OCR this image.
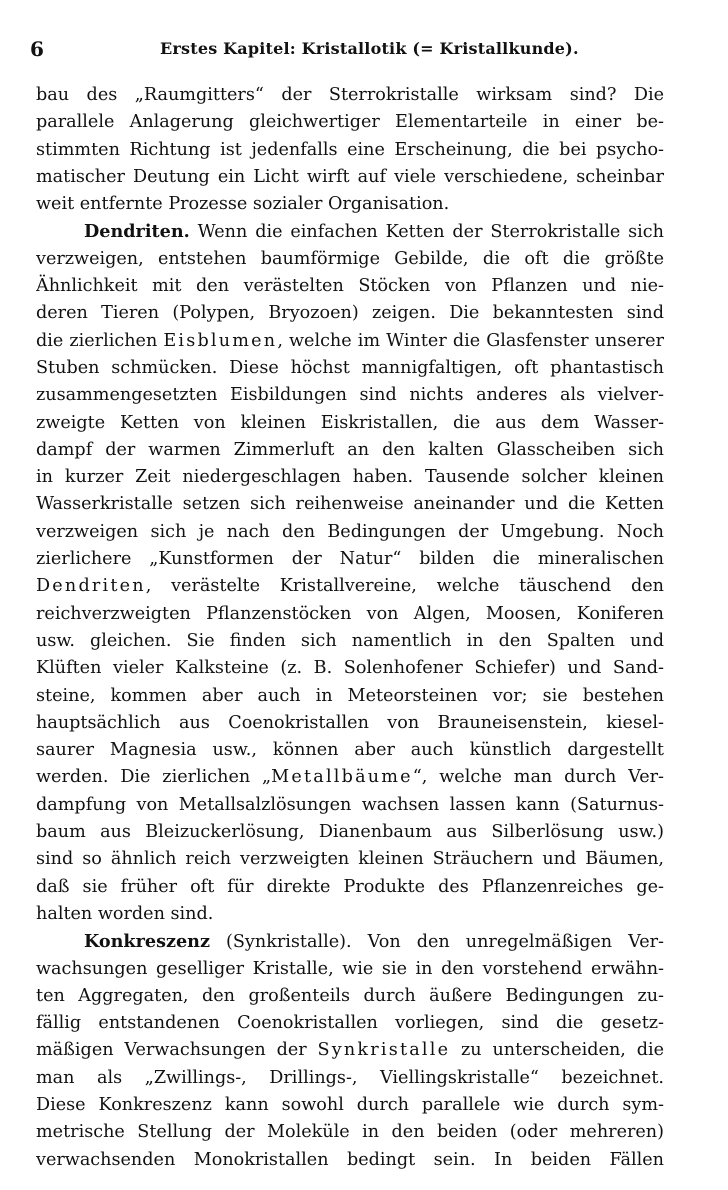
6	Erstes Kapitel: Kristallotik (= Kristallkunde).
bau des „Raumgitters“ der Sterrokristalle wirksam sind? Die
parallele Anlagerung gleichwertiger Elementarteile in einer be-
stimmten Richtung ist jedenfalls eine Erscheinung, die bei psycho-
matischer Deutung ein Licht wirft auf viele verschiedene, scheinbar
weit entfernte Prozesse sozialer Organisation.
Dendriten. Wenn die einfachen Ketten der Sterrokristalle sich
verzweigen, entstehen baumförmige Gebilde, die oft die größte
Ähnlichkeit mit den verästelten Stöcken von Pflanzen und nie-
deren Tieren (Polypen, Bryozoen) zeigen. Die bekanntesten sind
die zierlichen Eisblumen, welche im Winter die Glasfenster unserer
Stuben schmücken. Diese höchst mannigfaltigen, oft phantastisch
zusammengesetzten Eisbildungen sind nichts anderes als vielver-
zweigte Ketten von kleinen Eiskristallen, die aus dem Wasser-
dampf der warmen Zimmerluft an den kalten Glasscheiben sich
in kurzer Zeit niedergeschlagen haben. Tausende solcher kleinen
Wasserkristalle setzen sich reihenweise aneinander und die Ketten
verzweigen sich je nach den Bedingungen der Umgebung. Noch
zierlichere „Kunstformen der Natur“ bilden die mineralischen
Dendriten, verästelte Kristallvereine, welche täuschend den
reichverzweigten Pflanzenstöcken von Algen, Moosen, Koniferen
usw. gleichen. Sie finden sich namentlich in den Spalten und
Klüften vieler Kalksteine (z. B. Solenhofener Schiefer) und Sand-
steine, kommen aber auch in Meteorsteinen vor; sie bestehen
hauptsächlich aus Coenokristallen von Brauneisenstein, kiesel-
saurer Magnesia usw., können aber auch künstlich dargestellt
werden. Die zierlichen „Metallbäume“, welche man durch Ver-
dampfung von Metallsalzlösungen wachsen lassen kann (Saturnus-
baum aus Bleizuckerlösung, Dianenbaum aus Silberlösung usw.)
sind so ähnlich reich verzweigten kleinen Sträuchern und Bäumen,
daß sie früher oft für direkte Produkte des Pflanzenreiches ge-
halten worden sind.
Konkreszenz (Synkristalle). Von den unregelmäßigen Ver-
wachsungen geselliger Kristalle, wie sie in den vorstehend erwähn-
ten Aggregaten, den großenteils durch äußere Bedingungen zu-
fällig entstandenen Coenokristallen vorliegen, sind die gesetz-
mäßigen Verwachsungen der Synkristalle zu unterscheiden, die
man als „Zwillings-, Drillings-, Viellingskristalle“ bezeichnet.
Diese Konkreszenz kann sowohl durch parallele wie durch sym-
metrische Stellung der Moleküle in den beiden (oder mehreren)
verwachsenden Monokristallen bedingt sein. In beiden Fällen
